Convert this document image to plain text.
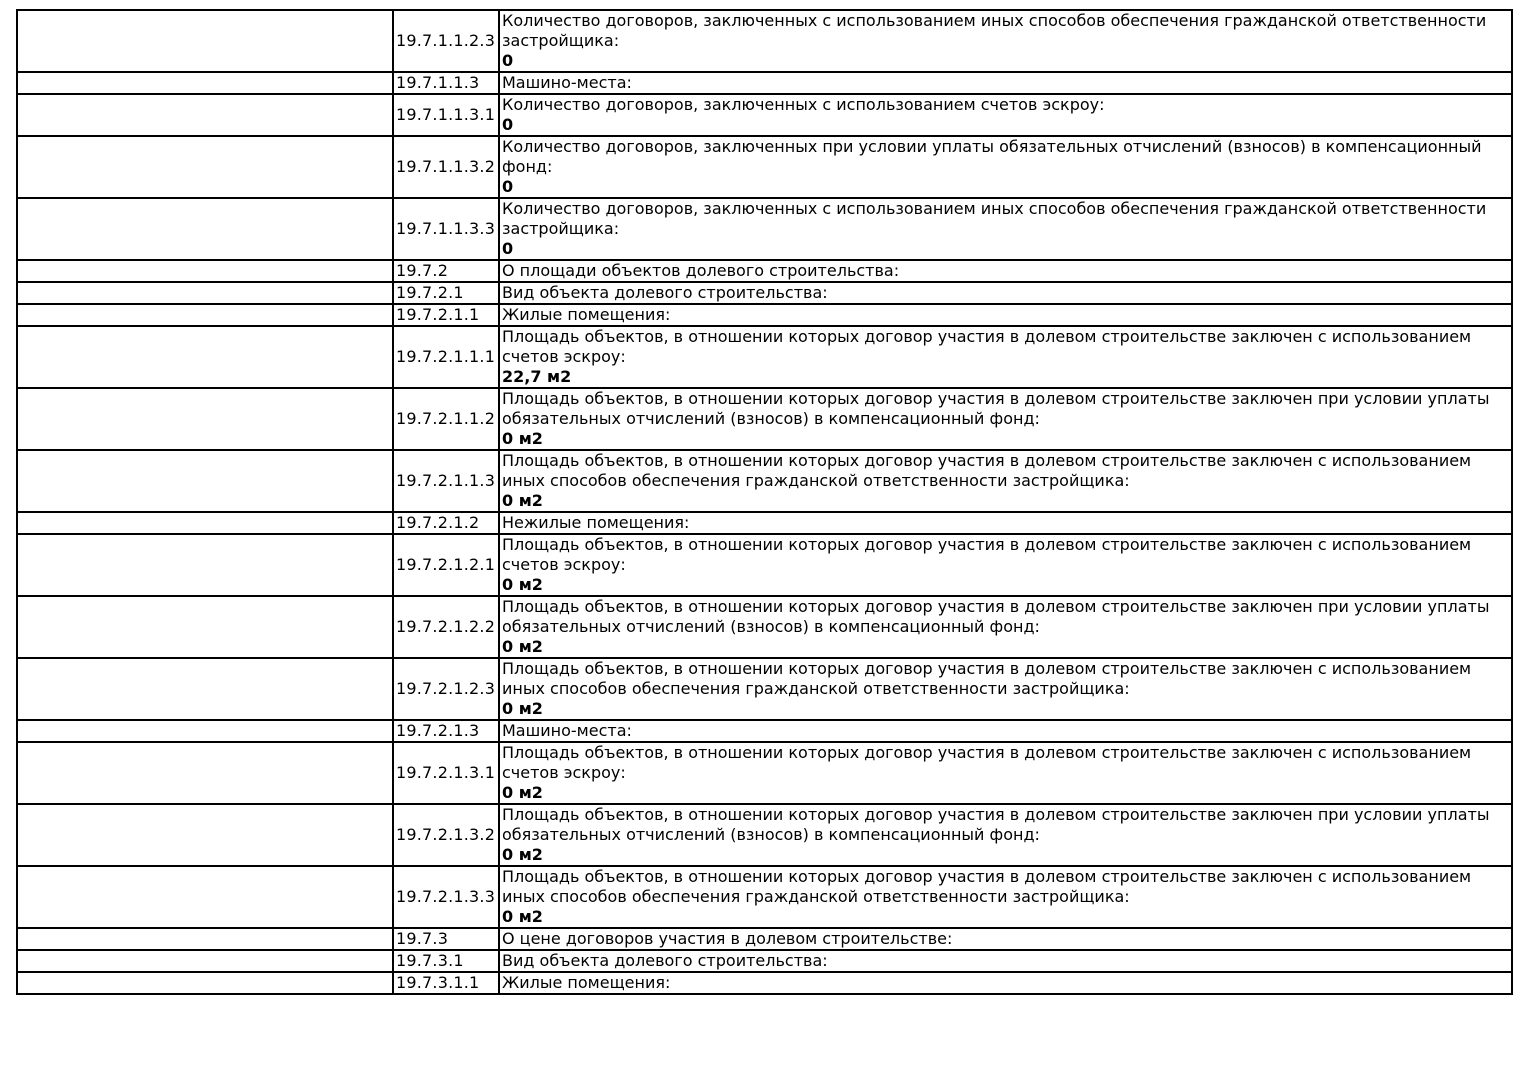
	19.7.1.1.2.3	Количество договоров, заключенных с использованием иных способов обеспечения гражданской ответственности застройщика:
0

	19.7.1.1.3	Машино-места:

	19.7.1.1.3.1	Количество договоров, заключенных с использованием счетов эскроу:
0

	19.7.1.1.3.2	Количество договоров, заключенных при условии уплаты обязательных отчислений (взносов) в компенсационный фонд:
0

	19.7.1.1.3.3	Количество договоров, заключенных с использованием иных способов обеспечения гражданской ответственности застройщика:
0

	19.7.2	О площади объектов долевого строительства:

	19.7.2.1	Вид объекта долевого строительства:

	19.7.2.1.1	Жилые помещения:

	19.7.2.1.1.1	Площадь объектов, в отношении которых договор участия в долевом строительстве заключен с использованием счетов эскроу:
22,7 м2

	19.7.2.1.1.2	Площадь объектов, в отношении которых договор участия в долевом строительстве заключен при условии уплаты обязательных отчислений (взносов) в компенсационный фонд:
0 м2

	19.7.2.1.1.3	Площадь объектов, в отношении которых договор участия в долевом строительстве заключен с использованием иных способов обеспечения гражданской ответственности застройщика:
0 м2

	19.7.2.1.2	Нежилые помещения:

	19.7.2.1.2.1	Площадь объектов, в отношении которых договор участия в долевом строительстве заключен с использованием счетов эскроу:
0 м2

	19.7.2.1.2.2	Площадь объектов, в отношении которых договор участия в долевом строительстве заключен при условии уплаты обязательных отчислений (взносов) в компенсационный фонд:
0 м2

	19.7.2.1.2.3	Площадь объектов, в отношении которых договор участия в долевом строительстве заключен с использованием иных способов обеспечения гражданской ответственности застройщика:
0 м2

	19.7.2.1.3	Машино-места:

	19.7.2.1.3.1	Площадь объектов, в отношении которых договор участия в долевом строительстве заключен с использованием счетов эскроу:
0 м2

	19.7.2.1.3.2	Площадь объектов, в отношении которых договор участия в долевом строительстве заключен при условии уплаты обязательных отчислений (взносов) в компенсационный фонд:
0 м2

	19.7.2.1.3.3	Площадь объектов, в отношении которых договор участия в долевом строительстве заключен с использованием иных способов обеспечения гражданской ответственности застройщика:
0 м2

	19.7.3	О цене договоров участия в долевом строительстве:

	19.7.3.1	Вид объекта долевого строительства:

	19.7.3.1.1	Жилые помещения:
